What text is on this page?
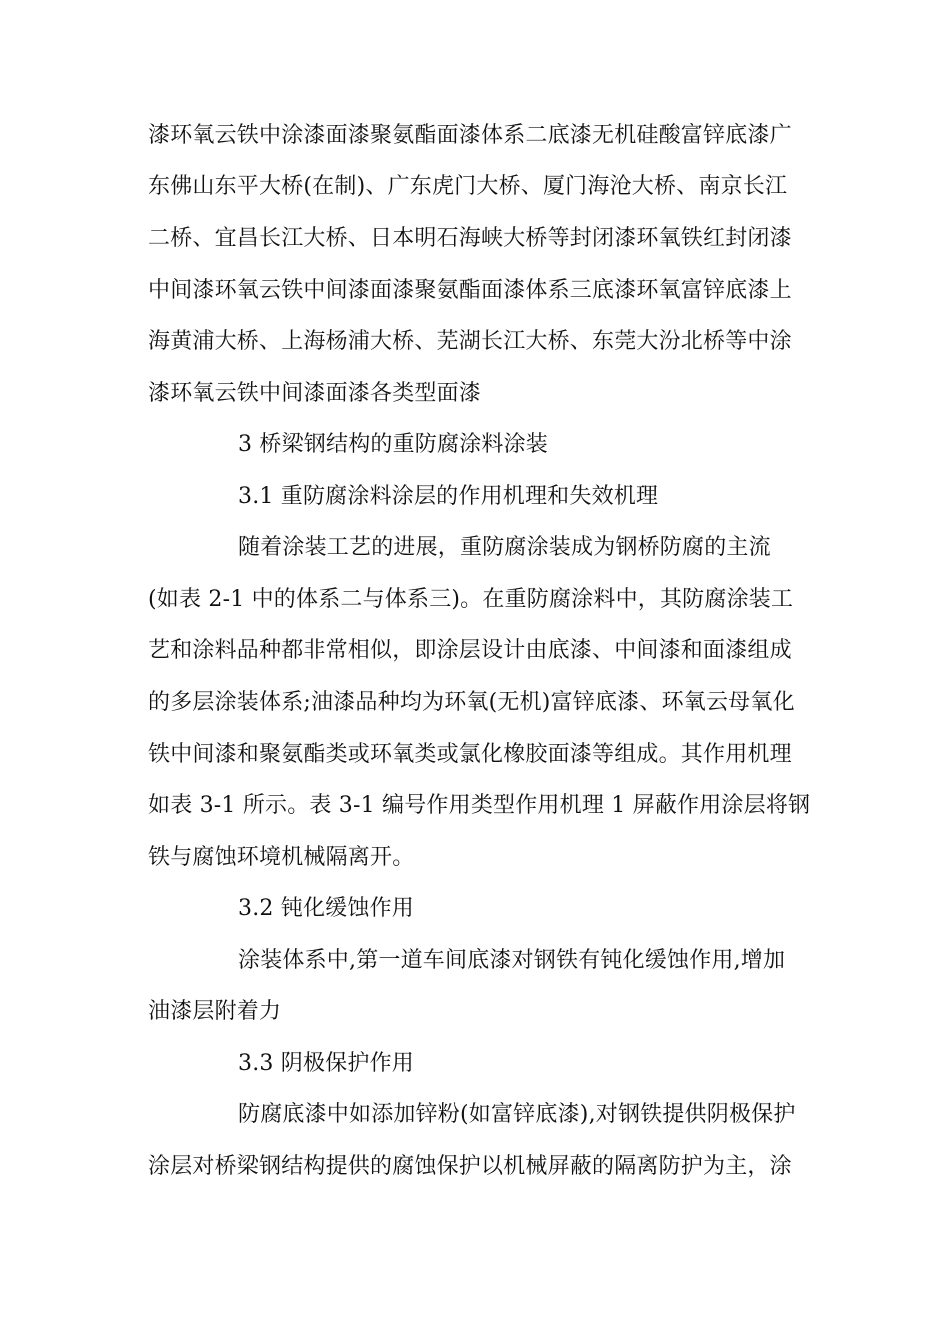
漆环氧云铁中涂漆面漆聚氨酯面漆体系二底漆无机硅酸富锌底漆广
东佛山东平大桥(在制)、广东虎门大桥、厦门海沧大桥、南京长江
二桥、宜昌长江大桥、日本明石海峡大桥等封闭漆环氧铁红封闭漆
中间漆环氧云铁中间漆面漆聚氨酯面漆体系三底漆环氧富锌底漆上
海黄浦大桥、上海杨浦大桥、芜湖长江大桥、东莞大汾北桥等中涂
漆环氧云铁中间漆面漆各类型面漆
3 桥梁钢结构的重防腐涂料涂装
3.1 重防腐涂料涂层的作用机理和失效机理
随着涂装工艺的进展，重防腐涂装成为钢桥防腐的主流
(如表 2-1 中的体系二与体系三)。在重防腐涂料中，其防腐涂装工
艺和涂料品种都非常相似，即涂层设计由底漆、中间漆和面漆组成
的多层涂装体系;油漆品种均为环氧(无机)富锌底漆、环氧云母氧化
铁中间漆和聚氨酯类或环氧类或氯化橡胶面漆等组成。其作用机理
如表 3-1 所示。表 3-1 编号作用类型作用机理 1 屏蔽作用涂层将钢
铁与腐蚀环境机械隔离开。
3.2 钝化缓蚀作用
涂装体系中,第一道车间底漆对钢铁有钝化缓蚀作用,增加
油漆层附着力
3.3 阴极保护作用
防腐底漆中如添加锌粉(如富锌底漆),对钢铁提供阴极保护
涂层对桥梁钢结构提供的腐蚀保护以机械屏蔽的隔离防护为主，涂
